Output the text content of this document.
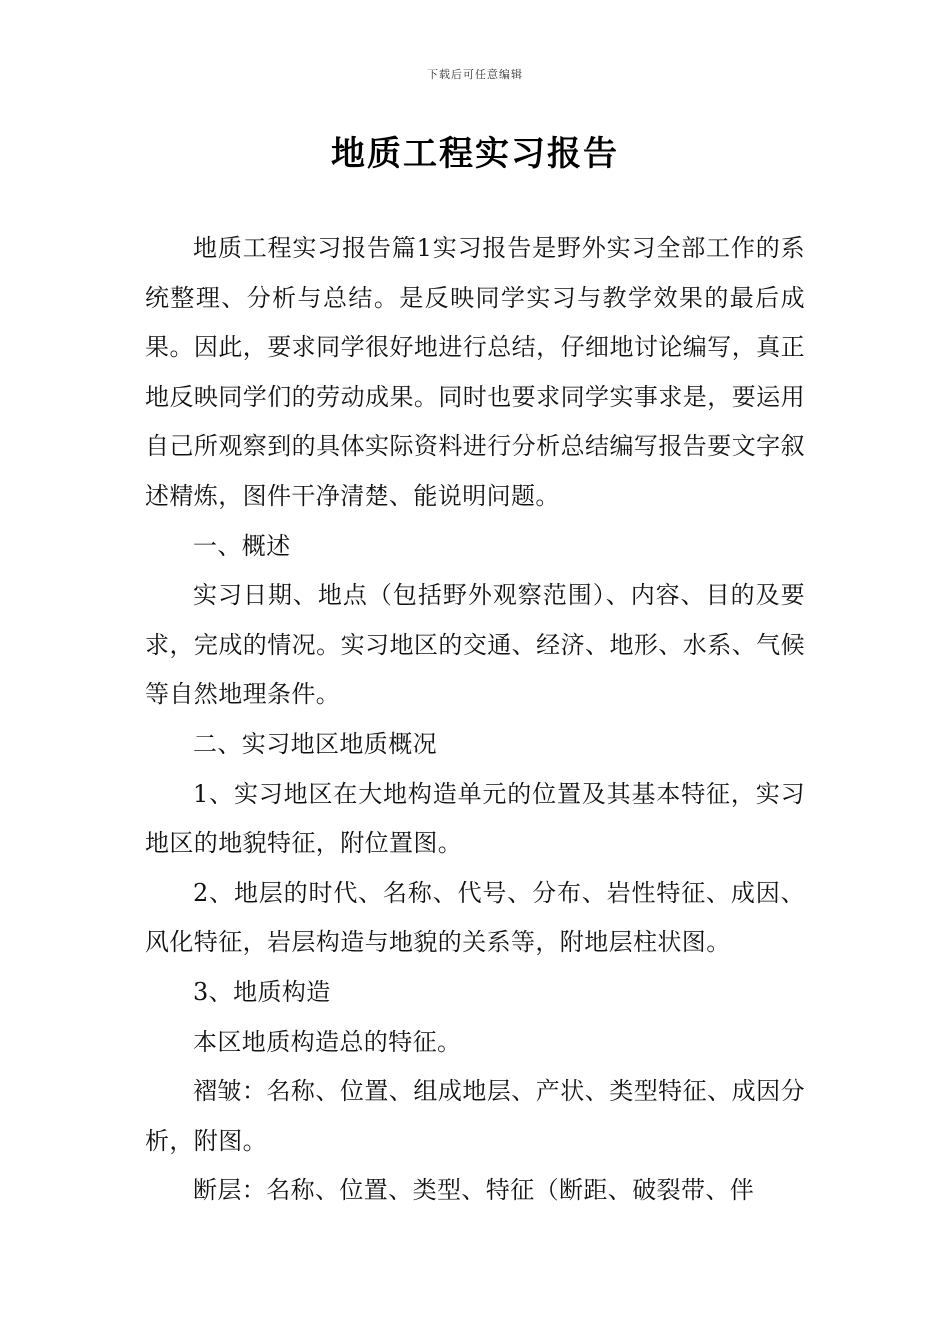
下载后可任意编辑
地质工程实习报告

地质工程实习报告篇1实习报告是野外实习全部工作的系统整理、分析与总结。是反映同学实习与教学效果的最后成果。因此，要求同学很好地进行总结，仔细地讨论编写，真正地反映同学们的劳动成果。同时也要求同学实事求是，要运用自己所观察到的具体实际资料进行分析总结编写报告要文字叙述精炼，图件干净清楚、能说明问题。

一、概述

实习日期、地点（包括野外观察范围）、内容、目的及要求，完成的情况。实习地区的交通、经济、地形、水系、气候等自然地理条件。

二、实习地区地质概况

1、实习地区在大地构造单元的位置及其基本特征，实习地区的地貌特征，附位置图。

2、地层的时代、名称、代号、分布、岩性特征、成因、风化特征，岩层构造与地貌的关系等，附地层柱状图。

3、地质构造

本区地质构造总的特征。

褶皱：名称、位置、组成地层、产状、类型特征、成因分析，附图。

断层：名称、位置、类型、特征（断距、破裂带、伴
